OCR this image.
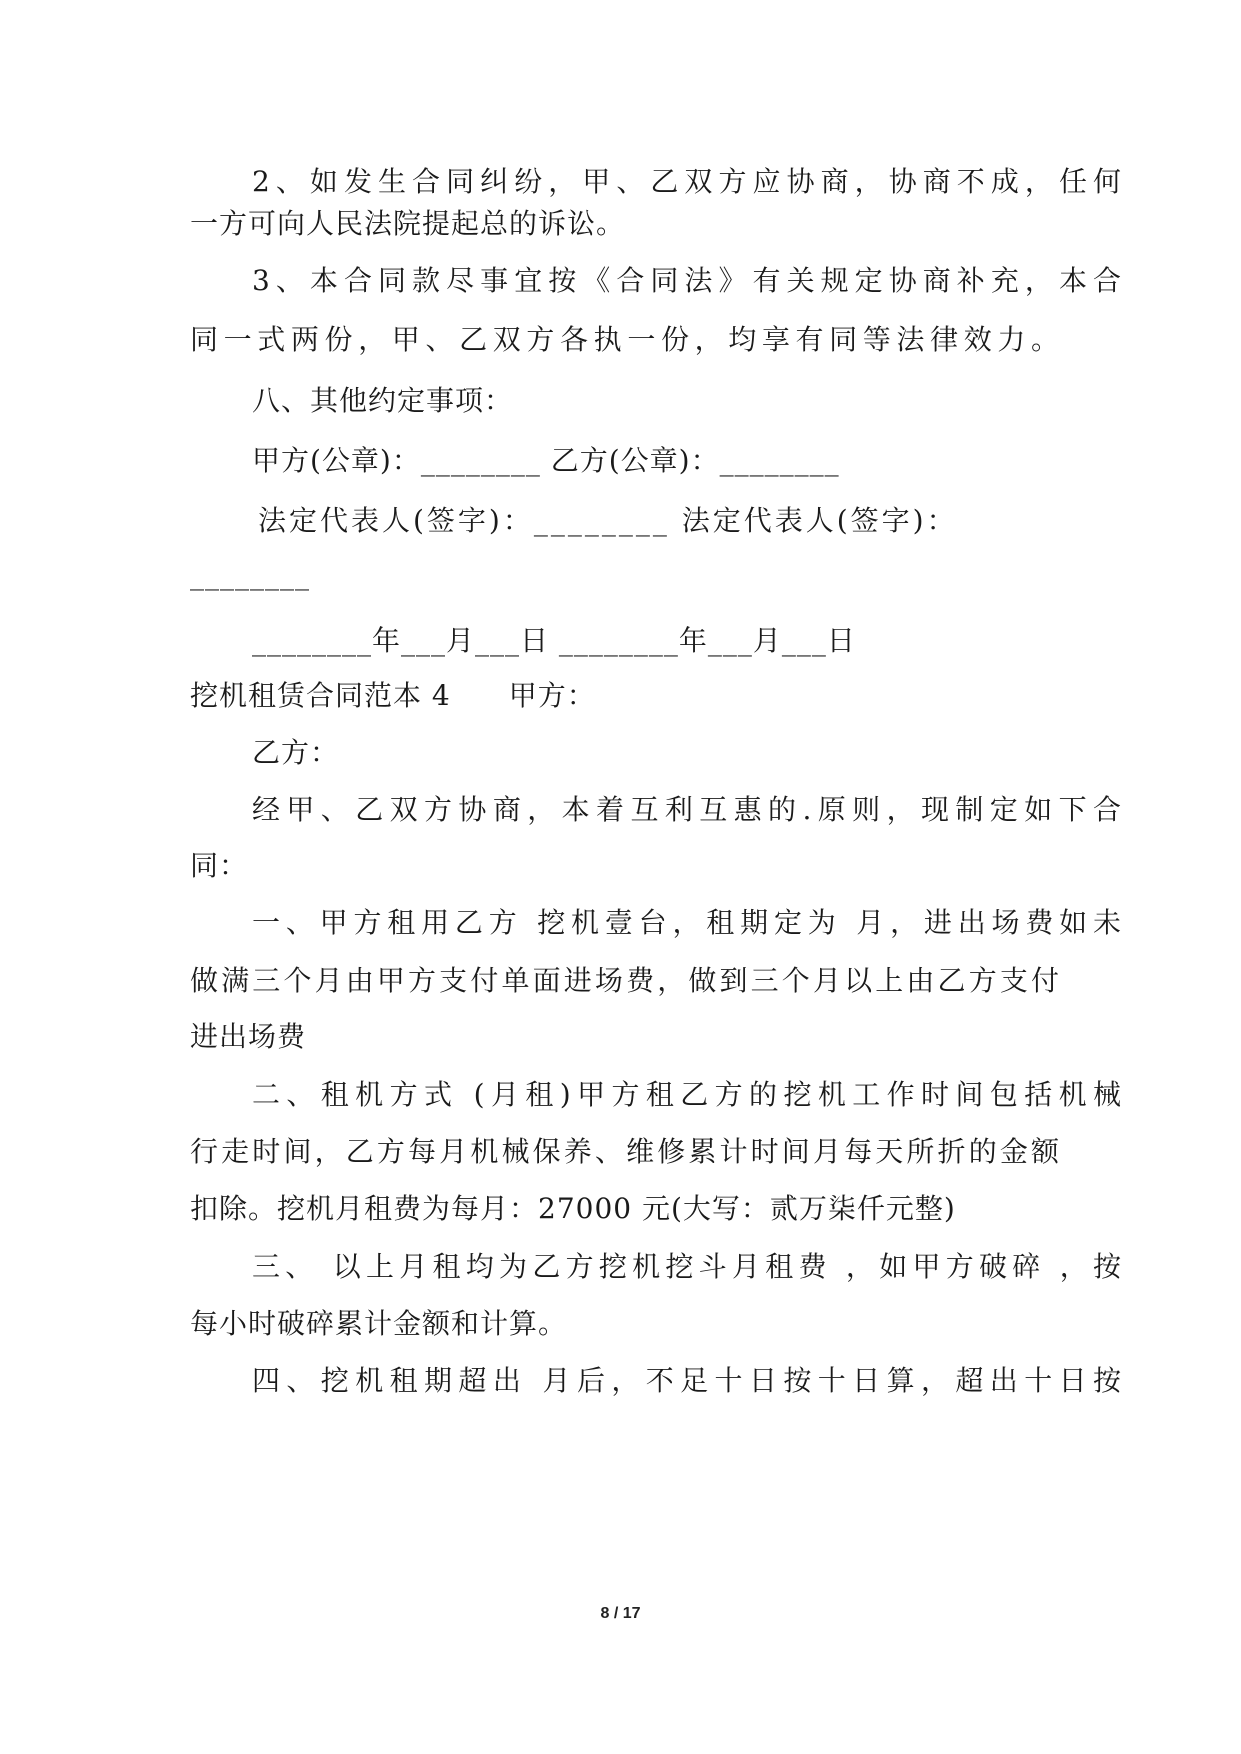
2、如发生合同纠纷，甲、乙双方应协商，协商不成，任何
一方可向人民法院提起总的诉讼。
3、本合同款尽事宜按《合同法》有关规定协商补充，本合
同一式两份，甲、乙双方各执一份，均享有同等法律效力。
八、其他约定事项：
甲方(公章)：________ 乙方(公章)：________
法定代表人(签字)：________ 法定代表人(签字)：
________
________年___月___日 ________年___月___日
挖机租赁合同范本 4　　甲方：
乙方：
经甲、乙双方协商，本着互利互惠的.原则，现制定如下合
同：
一、甲方租用乙方 挖机壹台，租期定为 月，进出场费如未
做满三个月由甲方支付单面进场费，做到三个月以上由乙方支付
进出场费
二、租机方式 (月租)甲方租乙方的挖机工作时间包括机械
行走时间，乙方每月机械保养、维修累计时间月每天所折的金额
扣除。挖机月租费为每月：27000 元(大写：贰万柒仟元整)
三、 以上月租均为乙方挖机挖斗月租费 ，如甲方破碎 ，按
每小时破碎累计金额和计算。
四、挖机租期超出 月后，不足十日按十日算，超出十日按
8 / 17
